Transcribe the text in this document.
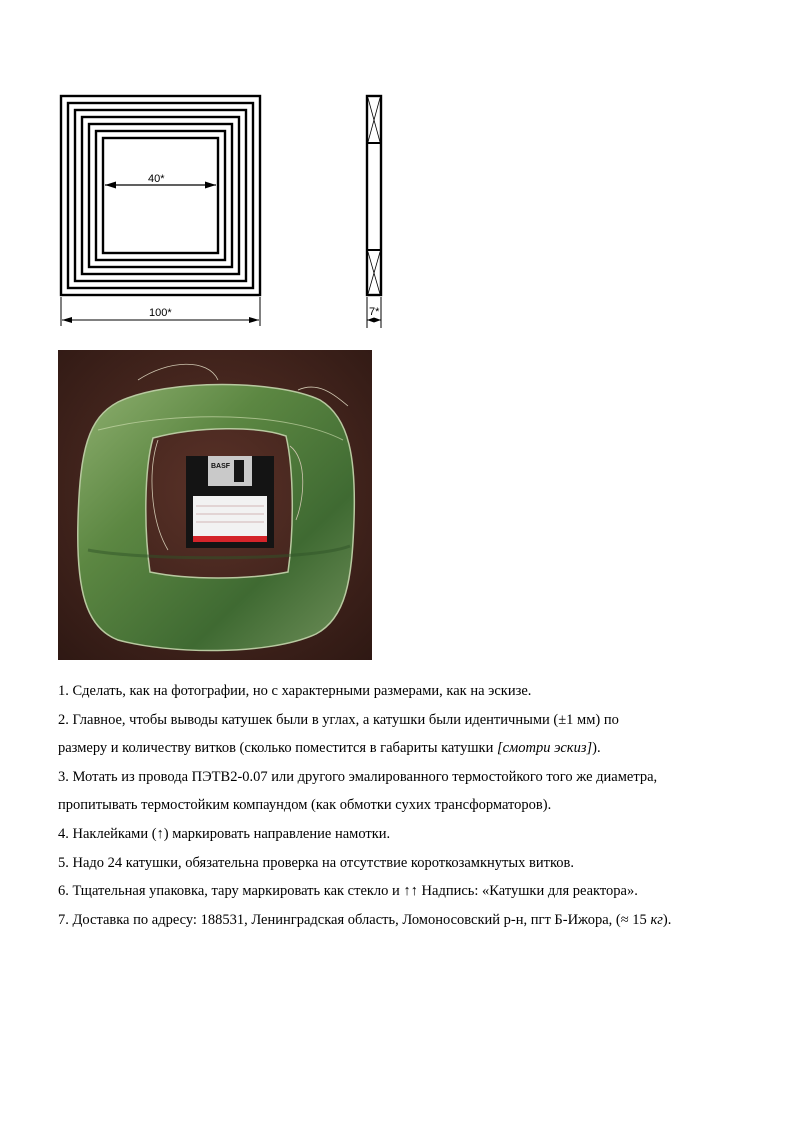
40*
100*	7*
BASF

1. Сделать, как на фотографии, но с характерными размерами, как на эскизе.

2. Главное, чтобы выводы катушек были в углах, а катушки были идентичными (±1 мм) по

размеру и количеству витков (сколько поместится в габариты катушки [смотри эскиз]).

3. Мотать из провода ПЭТВ2-0.07 или другого эмалированного термостойкого того же диаметра,

пропитывать термостойким компаундом (как обмотки сухих трансформаторов).

4. Наклейками (↑) маркировать направление намотки.

5. Надо 24 катушки, обязательна проверка на отсутствие короткозамкнутых витков.

6. Тщательная упаковка, тару маркировать как стекло и ↑↑ Надпись: «Катушки для реактора».

7. Доставка по адресу: 188531, Ленинградская область, Ломоносовский р-н, пгт Б-Ижора, (≈ 15 кг).
